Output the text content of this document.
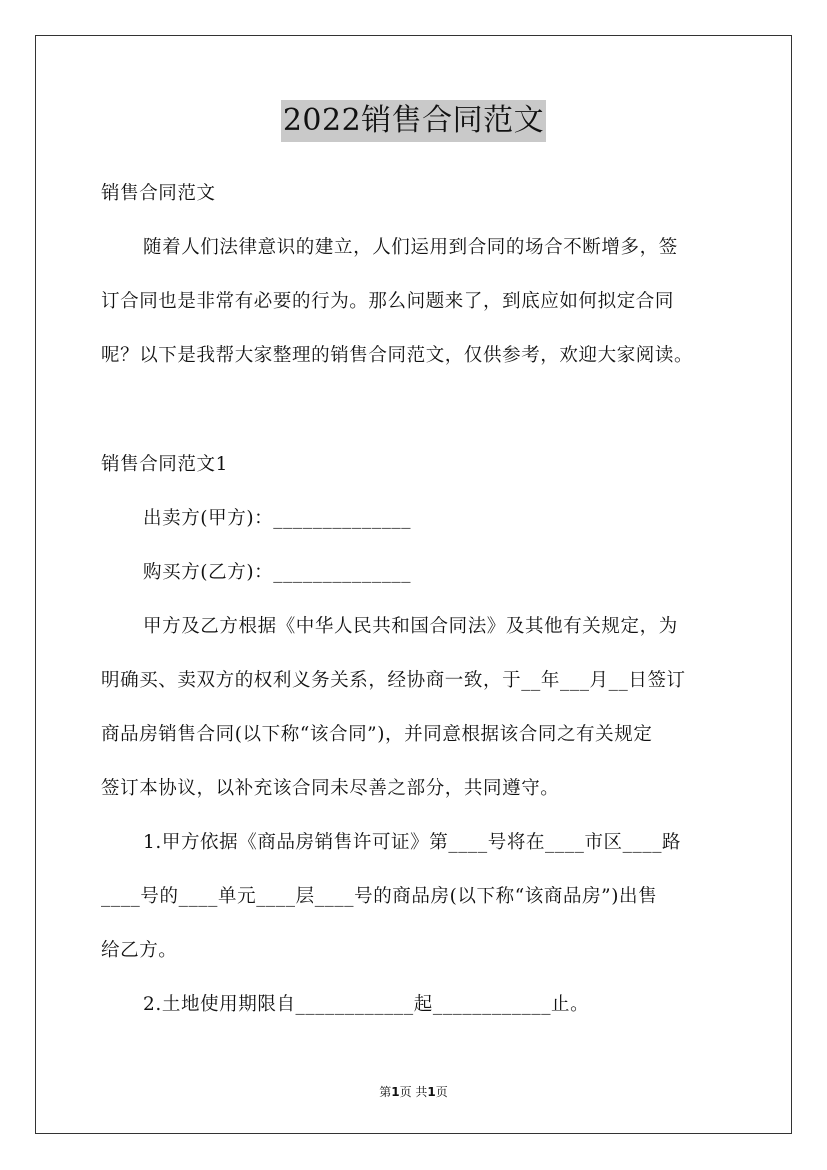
2022销售合同范文
销售合同范文
随着人们法律意识的建立，人们运用到合同的场合不断增多，签
订合同也是非常有必要的行为。那么问题来了，到底应如何拟定合同
呢？以下是我帮大家整理的销售合同范文，仅供参考，欢迎大家阅读。
销售合同范文1
出卖方(甲方)：______________
购买方(乙方)：______________
甲方及乙方根据《中华人民共和国合同法》及其他有关规定，为
明确买、卖双方的权利义务关系，经协商一致，于__年___月__日签订
商品房销售合同(以下称“该合同”)，并同意根据该合同之有关规定
签订本协议，以补充该合同未尽善之部分，共同遵守。
1.甲方依据《商品房销售许可证》第____号将在____市区____路
____号的____单元____层____号的商品房(以下称“该商品房”)出售
给乙方。
2.土地使用期限自____________起____________止。
第1页 共1页
